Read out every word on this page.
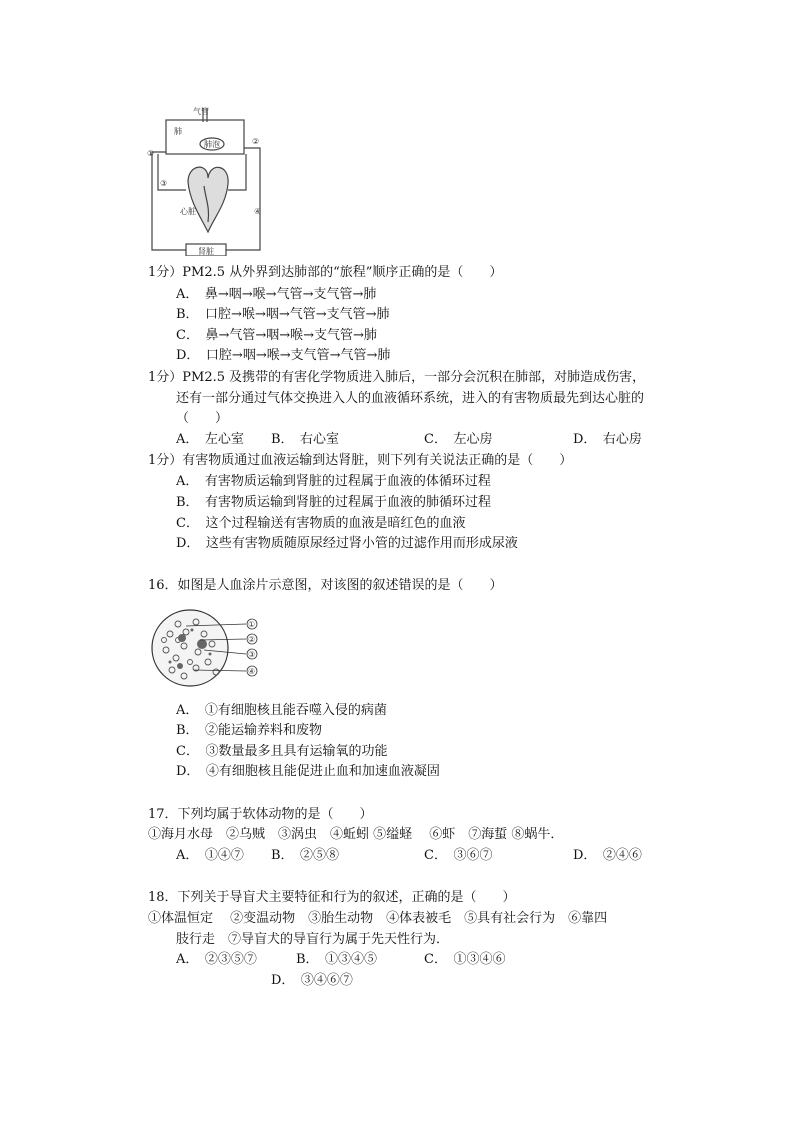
气管
肺
肺泡
心脏
肾脏
①
②
③
④
1分）PM2.5 从外界到达肺部的“旅程”顺序正确的是（　　）
A．　鼻→咽→喉→气管→支气管→肺
B．　口腔→喉→咽→气管→支气管→肺
C．　鼻→气管→咽→喉→支气管→肺
D．　口腔→咽→喉→支气管→气管→肺
1分）PM2.5 及携带的有害化学物质进入肺后，一部分会沉积在肺部，对肺造成伤害，
还有一部分通过气体交换进入人的血液循环系统，进入的有害物质最先到达心脏的
（　　）
A．　左心室 B．　右心室	C．　左心房	D．　右心房
1分）有害物质通过血液运输到达肾脏，则下列有关说法正确的是（　　）
A．　有害物质运输到肾脏的过程属于血液的体循环过程
B．　有害物质运输到肾脏的过程属于血液的肺循环过程
C．　这个过程输送有害物质的血液是暗红色的血液
D．　这些有害物质随原尿经过肾小管的过滤作用而形成尿液
16．如图是人血涂片示意图，对该图的叙述错误的是（　　）
①
②
③
④
A．　①有细胞核且能吞噬入侵的病菌
B．　②能运输养料和废物
C．　③数量最多且具有运输氧的功能
D．　④有细胞核且能促进止血和加速血液凝固
17．下列均属于软体动物的是（　　）
①海月水母　②乌贼　③涡虫　④蚯蚓 ⑤缢蛏　 ⑥虾　⑦海蜇 ⑧蜗牛．
A．　①④⑦ B．　②⑤⑧	C．　③⑥⑦	D．　②④⑥
18．下列关于导盲犬主要特征和行为的叙述，正确的是（　　）
①体温恒定　 ②变温动物　③胎生动物　④体表被毛　⑤具有社会行为　⑥靠四
肢行走　⑦导盲犬的导盲行为属于先天性行为．
A．　②③⑤⑦	B．　①③④⑤	C．　①③④⑥
D．　③④⑥⑦
